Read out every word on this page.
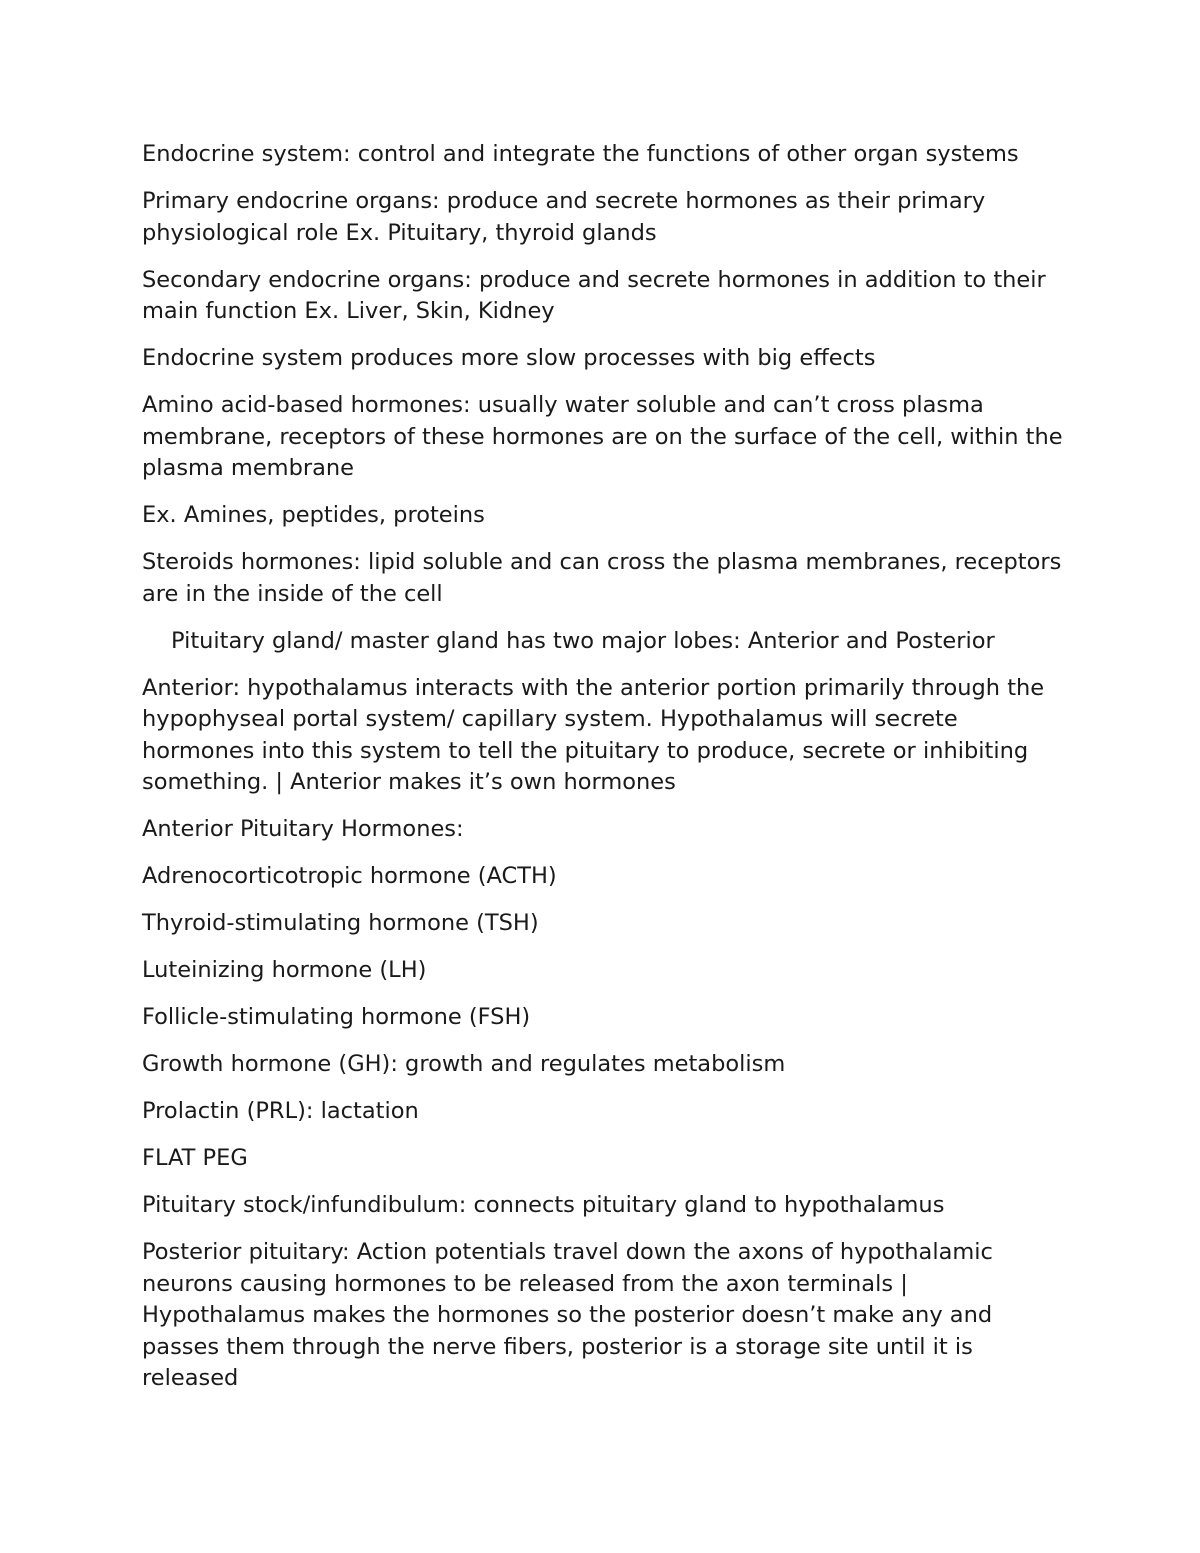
Endocrine system: control and integrate the functions of other organ systems

Primary endocrine organs: produce and secrete hormones as their primary physiological role Ex. Pituitary, thyroid glands

Secondary endocrine organs: produce and secrete hormones in addition to their main function Ex. Liver, Skin, Kidney

Endocrine system produces more slow processes with big effects

Amino acid-based hormones: usually water soluble and can’t cross plasma membrane, receptors of these hormones are on the surface of the cell, within the plasma membrane

Ex. Amines, peptides, proteins

Steroids hormones: lipid soluble and can cross the plasma membranes, receptors are in the inside of the cell

Pituitary gland/ master gland has two major lobes: Anterior and Posterior

Anterior: hypothalamus interacts with the anterior portion primarily through the hypophyseal portal system/ capillary system. Hypothalamus will secrete hormones into this system to tell the pituitary to produce, secrete or inhibiting something. | Anterior makes it’s own hormones

Anterior Pituitary Hormones:

Adrenocorticotropic hormone (ACTH)

Thyroid-stimulating hormone (TSH)

Luteinizing hormone (LH)

Follicle-stimulating hormone (FSH)

Growth hormone (GH): growth and regulates metabolism

Prolactin (PRL): lactation

FLAT PEG

Pituitary stock/infundibulum: connects pituitary gland to hypothalamus

Posterior pituitary: Action potentials travel down the axons of hypothalamic neurons causing hormones to be released from the axon terminals | Hypothalamus makes the hormones so the posterior doesn’t make any and passes them through the nerve fibers, posterior is a storage site until it is released
